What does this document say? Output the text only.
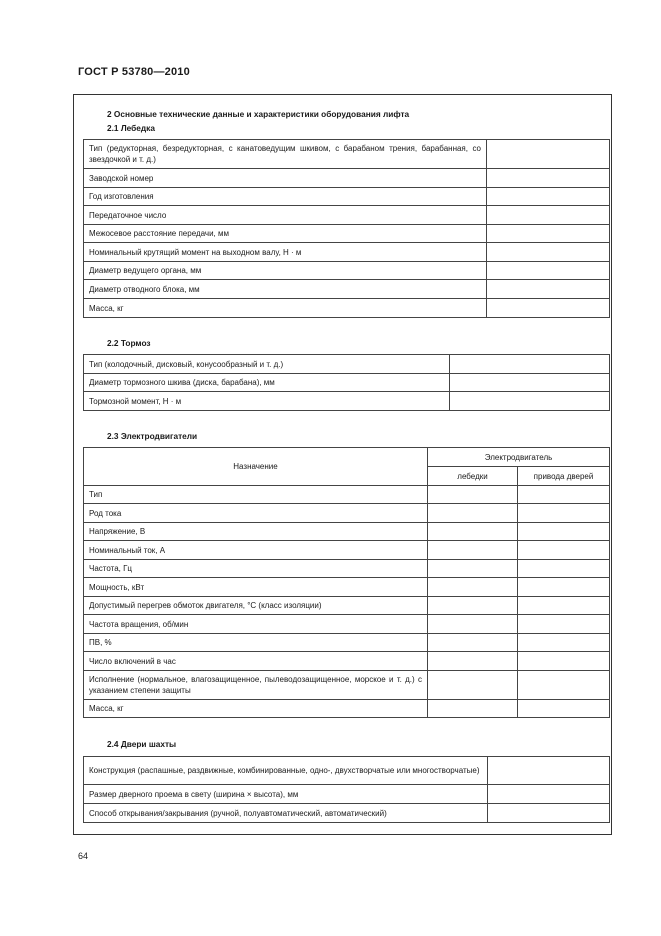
ГОСТ Р 53780—2010
2 Основные технические данные и характеристики оборудования лифта
2.1 Лебедка
Тип (редукторная, безредукторная, с канатоведущим шкивом, с барабаном трения, барабанная, со звездочкой и т. д.)	
Заводской номер	
Год изготовления	
Передаточное число	
Межосевое расстояние передачи, мм	
Номинальный крутящий момент на выходном валу, Н · м	
Диаметр ведущего органа, мм	
Диаметр отводного блока, мм	
Масса, кг	
2.2 Тормоз
Тип (колодочный, дисковый, конусообразный и т. д.)	
Диаметр тормозного шкива (диска, барабана), мм	
Тормозной момент, Н · м	
2.3 Электродвигатели
Назначение	Электродвигатель	
	лебедки	привода дверей
Тип		
Род тока		
Напряжение, В		
Номинальный ток, А		
Частота, Гц		
Мощность, кВт		
Допустимый перегрев обмоток двигателя, °С (класс изоляции)		
Частота вращения, об/мин		
ПВ, %		
Число включений в час		
Исполнение (нормальное, влагозащищенное, пылеводозащищенное, морское и т. д.) с указанием степени защиты		
Масса, кг		
2.4 Двери шахты
Конструкция (распашные, раздвижные, комбинированные, одно-, двухстворчатые или многостворчатые)	
Размер дверного проема в свету (ширина × высота), мм	
Способ открывания/закрывания (ручной, полуавтоматический, автоматический)	
64
